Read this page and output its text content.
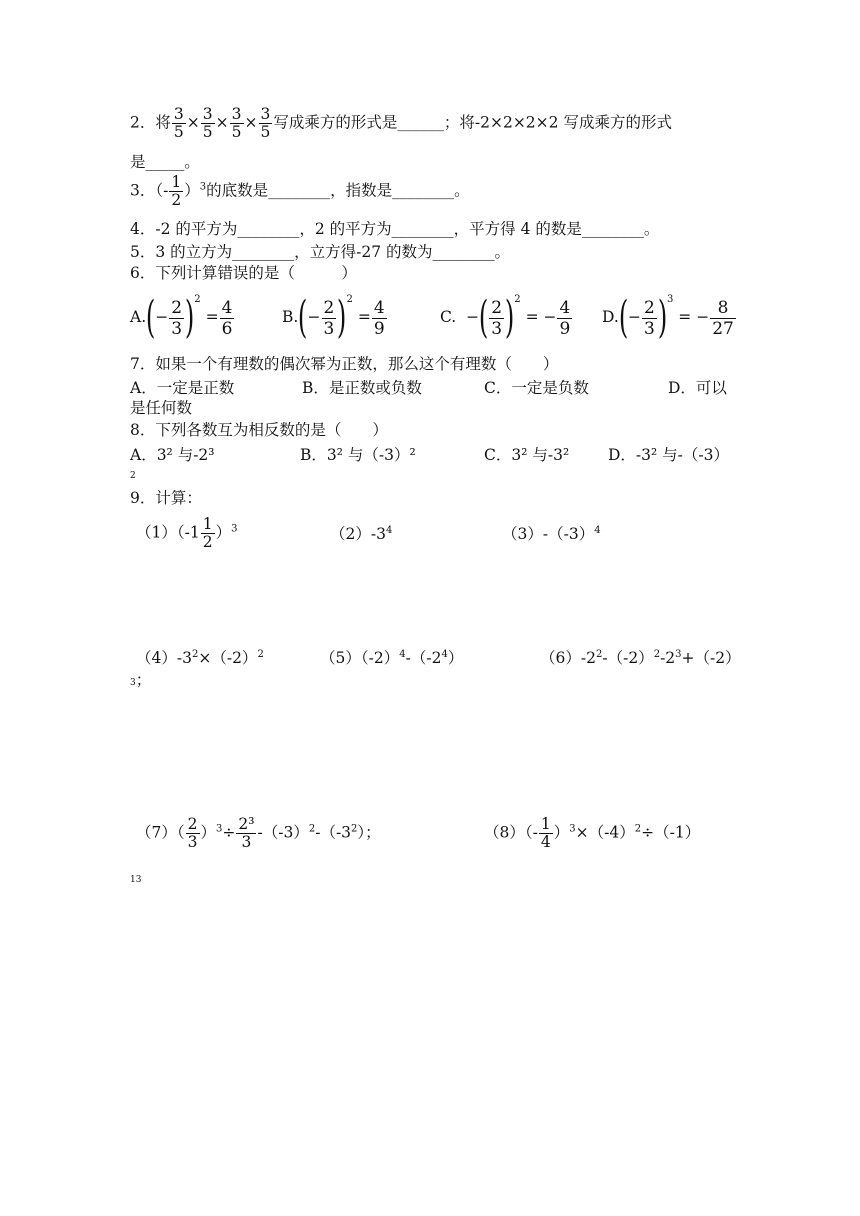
2．将 $\frac{3}{5} \times \frac{3}{5} \times \frac{3}{5} \times \frac{3}{5}$ 写成乘方的形式是______；将-2×2×2×2 写成乘方的形式
是_____。
3．（- $\frac{1}{2} )^3$的底数是________，指数是________。
4．-2 的平方为________，2 的平方为________，平方得 4 的数是________。
5．3 的立方为________，立方得-27 的数为________。
6．下列计算错误的是（　　　）
$A.(- \frac{2}{3} )^2 = \frac{4}{6}$	$B.(- \frac{2}{3} )^2 = \frac{4}{9}$	C. −( $\frac{2}{3} )^2$ = − $\frac{4}{9} D.(- \frac{2}{3} )^3$ = − $\frac{8}{27}$
7．如果一个有理数的偶次幂为正数，那么这个有理数（　　）
A．一定是正数	B．是正数或负数	C．一定是负数	D．可以
是任何数
8．下列各数互为相反数的是（　　）
A．3² 与-2³	B．3² 与（-3）²	C．3² 与-3²	D．-3² 与-（-3）
2
9．计算：
$(1)(-1 \frac{1}{2} )^3$	$(2)-3^4$	$(3)-(-3)^4$
$(4)-3^2\times(-2)^2$	$(5)(-2)^4-(-2^4)$	$(6)-2^2-(-2)^2-2^3+(-2)$
3；
$(7)( \frac{2}{3} )^3\div \frac{\text{2³}}{3} -(-3)^2-(-3^2)$；	$(8)(- \frac{1}{4} )^3\times(-4)^2\div(-1)$
13
